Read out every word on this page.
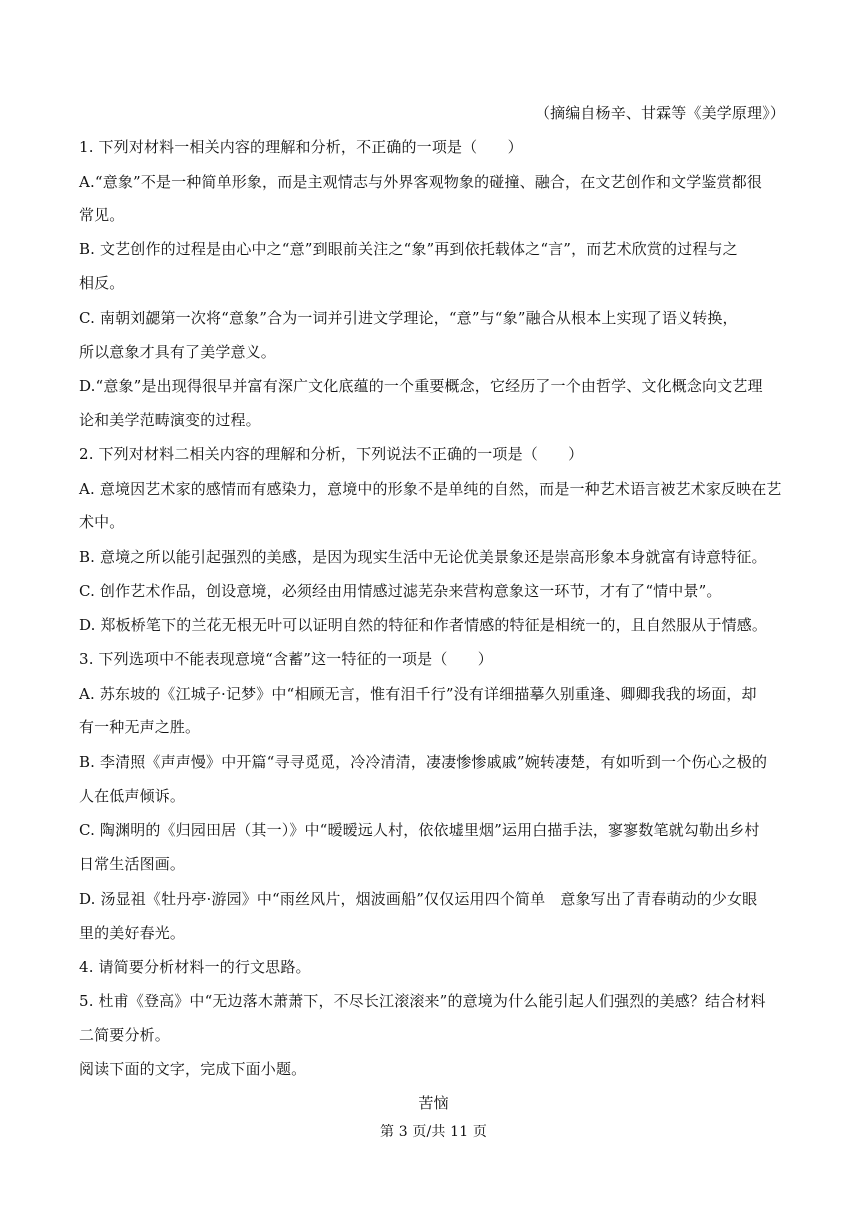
（摘编自杨辛、甘霖等《美学原理》）
1. 下列对材料一相关内容的理解和分析，不正确的一项是（　　）
A.“意象”不是一种简单形象，而是主观情志与外界客观物象的碰撞、融合，在文艺创作和文学鉴赏都很
常见。
B. 文艺创作的过程是由心中之“意”到眼前关注之“象”再到依托载体之“言”，而艺术欣赏的过程与之
相反。
C. 南朝刘勰第一次将“意象”合为一词并引进文学理论，“意”与“象”融合从根本上实现了语义转换，
所以意象才具有了美学意义。
D.“意象”是出现得很早并富有深广文化底蕴的一个重要概念，它经历了一个由哲学、文化概念向文艺理
论和美学范畴演变的过程。
2. 下列对材料二相关内容的理解和分析，下列说法不正确的一项是（　　）
A. 意境因艺术家的感情而有感染力，意境中的形象不是单纯的自然，而是一种艺术语言被艺术家反映在艺
术中。
B. 意境之所以能引起强烈的美感，是因为现实生活中无论优美景象还是崇高形象本身就富有诗意特征。
C. 创作艺术作品，创设意境，必须经由用情感过滤芜杂来营构意象这一环节，才有了“情中景”。
D. 郑板桥笔下的兰花无根无叶可以证明自然的特征和作者情感的特征是相统一的，且自然服从于情感。
3. 下列选项中不能表现意境“含蓄”这一特征的一项是（　　）
A. 苏东坡的《江城子·记梦》中“相顾无言，惟有泪千行”没有详细描摹久别重逢、卿卿我我的场面，却
有一种无声之胜。
B. 李清照《声声慢》中开篇“寻寻觅觅，冷冷清清，凄凄惨惨戚戚”婉转凄楚，有如听到一个伤心之极的
人在低声倾诉。
C. 陶渊明的《归园田居（其一）》中“暧暧远人村，依依墟里烟”运用白描手法，寥寥数笔就勾勒出乡村
日常生活图画。
D. 汤显祖《牡丹亭·游园》中“雨丝风片，烟波画船”仅仅运用四个简单　意象写出了青春萌动的少女眼
里的美好春光。
4. 请简要分析材料一的行文思路。
5. 杜甫《登高》中“无边落木萧萧下，不尽长江滚滚来”的意境为什么能引起人们强烈的美感？结合材料
二简要分析。
阅读下面的文字，完成下面小题。
苦恼
第 3 页/共 11 页
